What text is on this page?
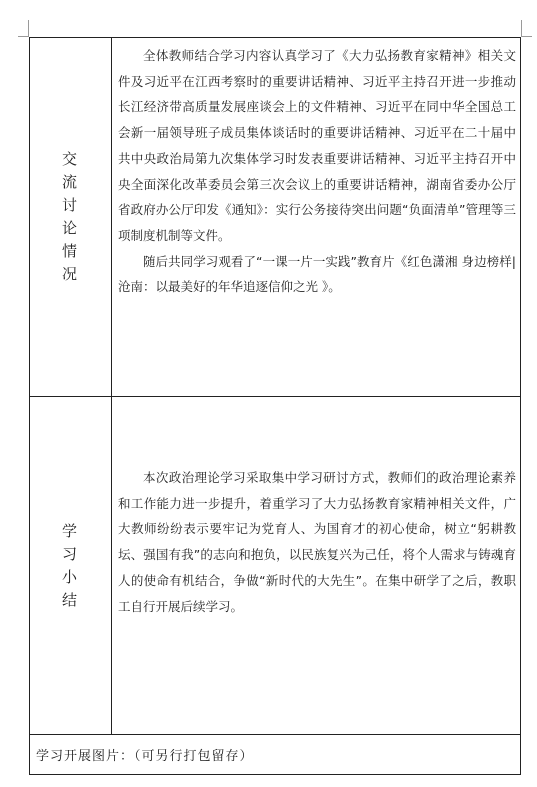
交流讨论情况

全体教师结合学习内容认真学习了《大力弘扬教育家精神》相关文件及习近平在江西考察时的重要讲话精神、习近平主持召开进一步推动长江经济带高质量发展座谈会上的文件精神、习近平在同中华全国总工会新一届领导班子成员集体谈话时的重要讲话精神、习近平在二十届中共中央政治局第九次集体学习时发表重要讲话精神、习近平主持召开中央全面深化改革委员会第三次会议上的重要讲话精神，湖南省委办公厅省政府办公厅印发《通知》：实行公务接待突出问题“负面清单”管理等三项制度机制等文件。

随后共同学习观看了“一课一片一实践”教育片《红色潇湘 身边榜样|沧南：以最美好的年华追逐信仰之光 》。

学习小结

本次政治理论学习采取集中学习研讨方式，教师们的政治理论素养和工作能力进一步提升，着重学习了大力弘扬教育家精神相关文件，广大教师纷纷表示要牢记为党育人、为国育才的初心使命，树立“躬耕教坛、强国有我”的志向和抱负，以民族复兴为己任，将个人需求与铸魂育人的使命有机结合，争做“新时代的大先生”。在集中研学了之后，教职工自行开展后续学习。

学习开展图片：（可另行打包留存）
